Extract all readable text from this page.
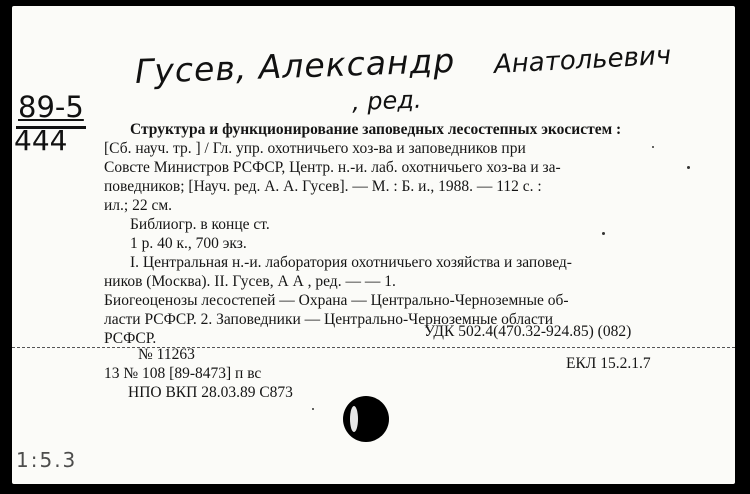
Гусев, Александр Анатольевич
, ред.
89-5
444	Структура и функционирование заповедных лесостепных экосистем :
[Сб. науч. тр. ] / Гл. упр. охотничьего хоз-ва и заповедников при
Совсте Министров РСФСР, Центр. н.-и. лаб. охотничьего хоз-ва и за-
поведников; [Науч. ред. А. А. Гусев]. — М. : Б. и., 1988. — 112 с. :
ил.; 22 см.
Библиогр. в конце ст.
1 р. 40 к., 700 экз.
I. Центральная н.-и. лаборатория охотничьего хозяйства и заповед-
ников (Москва). II. Гусев, А А , ред. — — 1.
Биогеоценозы лесостепей — Охрана — Центрально-Черноземные об-
ласти РСФСР. 2. Заповедники — Центрально-Черноземные области
РСФСР.	УДК 502.4(470.32-924.85) (082)
№ 11263
13 № 108 [89-8473] п вс
НПО ВКП 28.03.89 С873
ЕКЛ 15.2.1.7
1:5.3
